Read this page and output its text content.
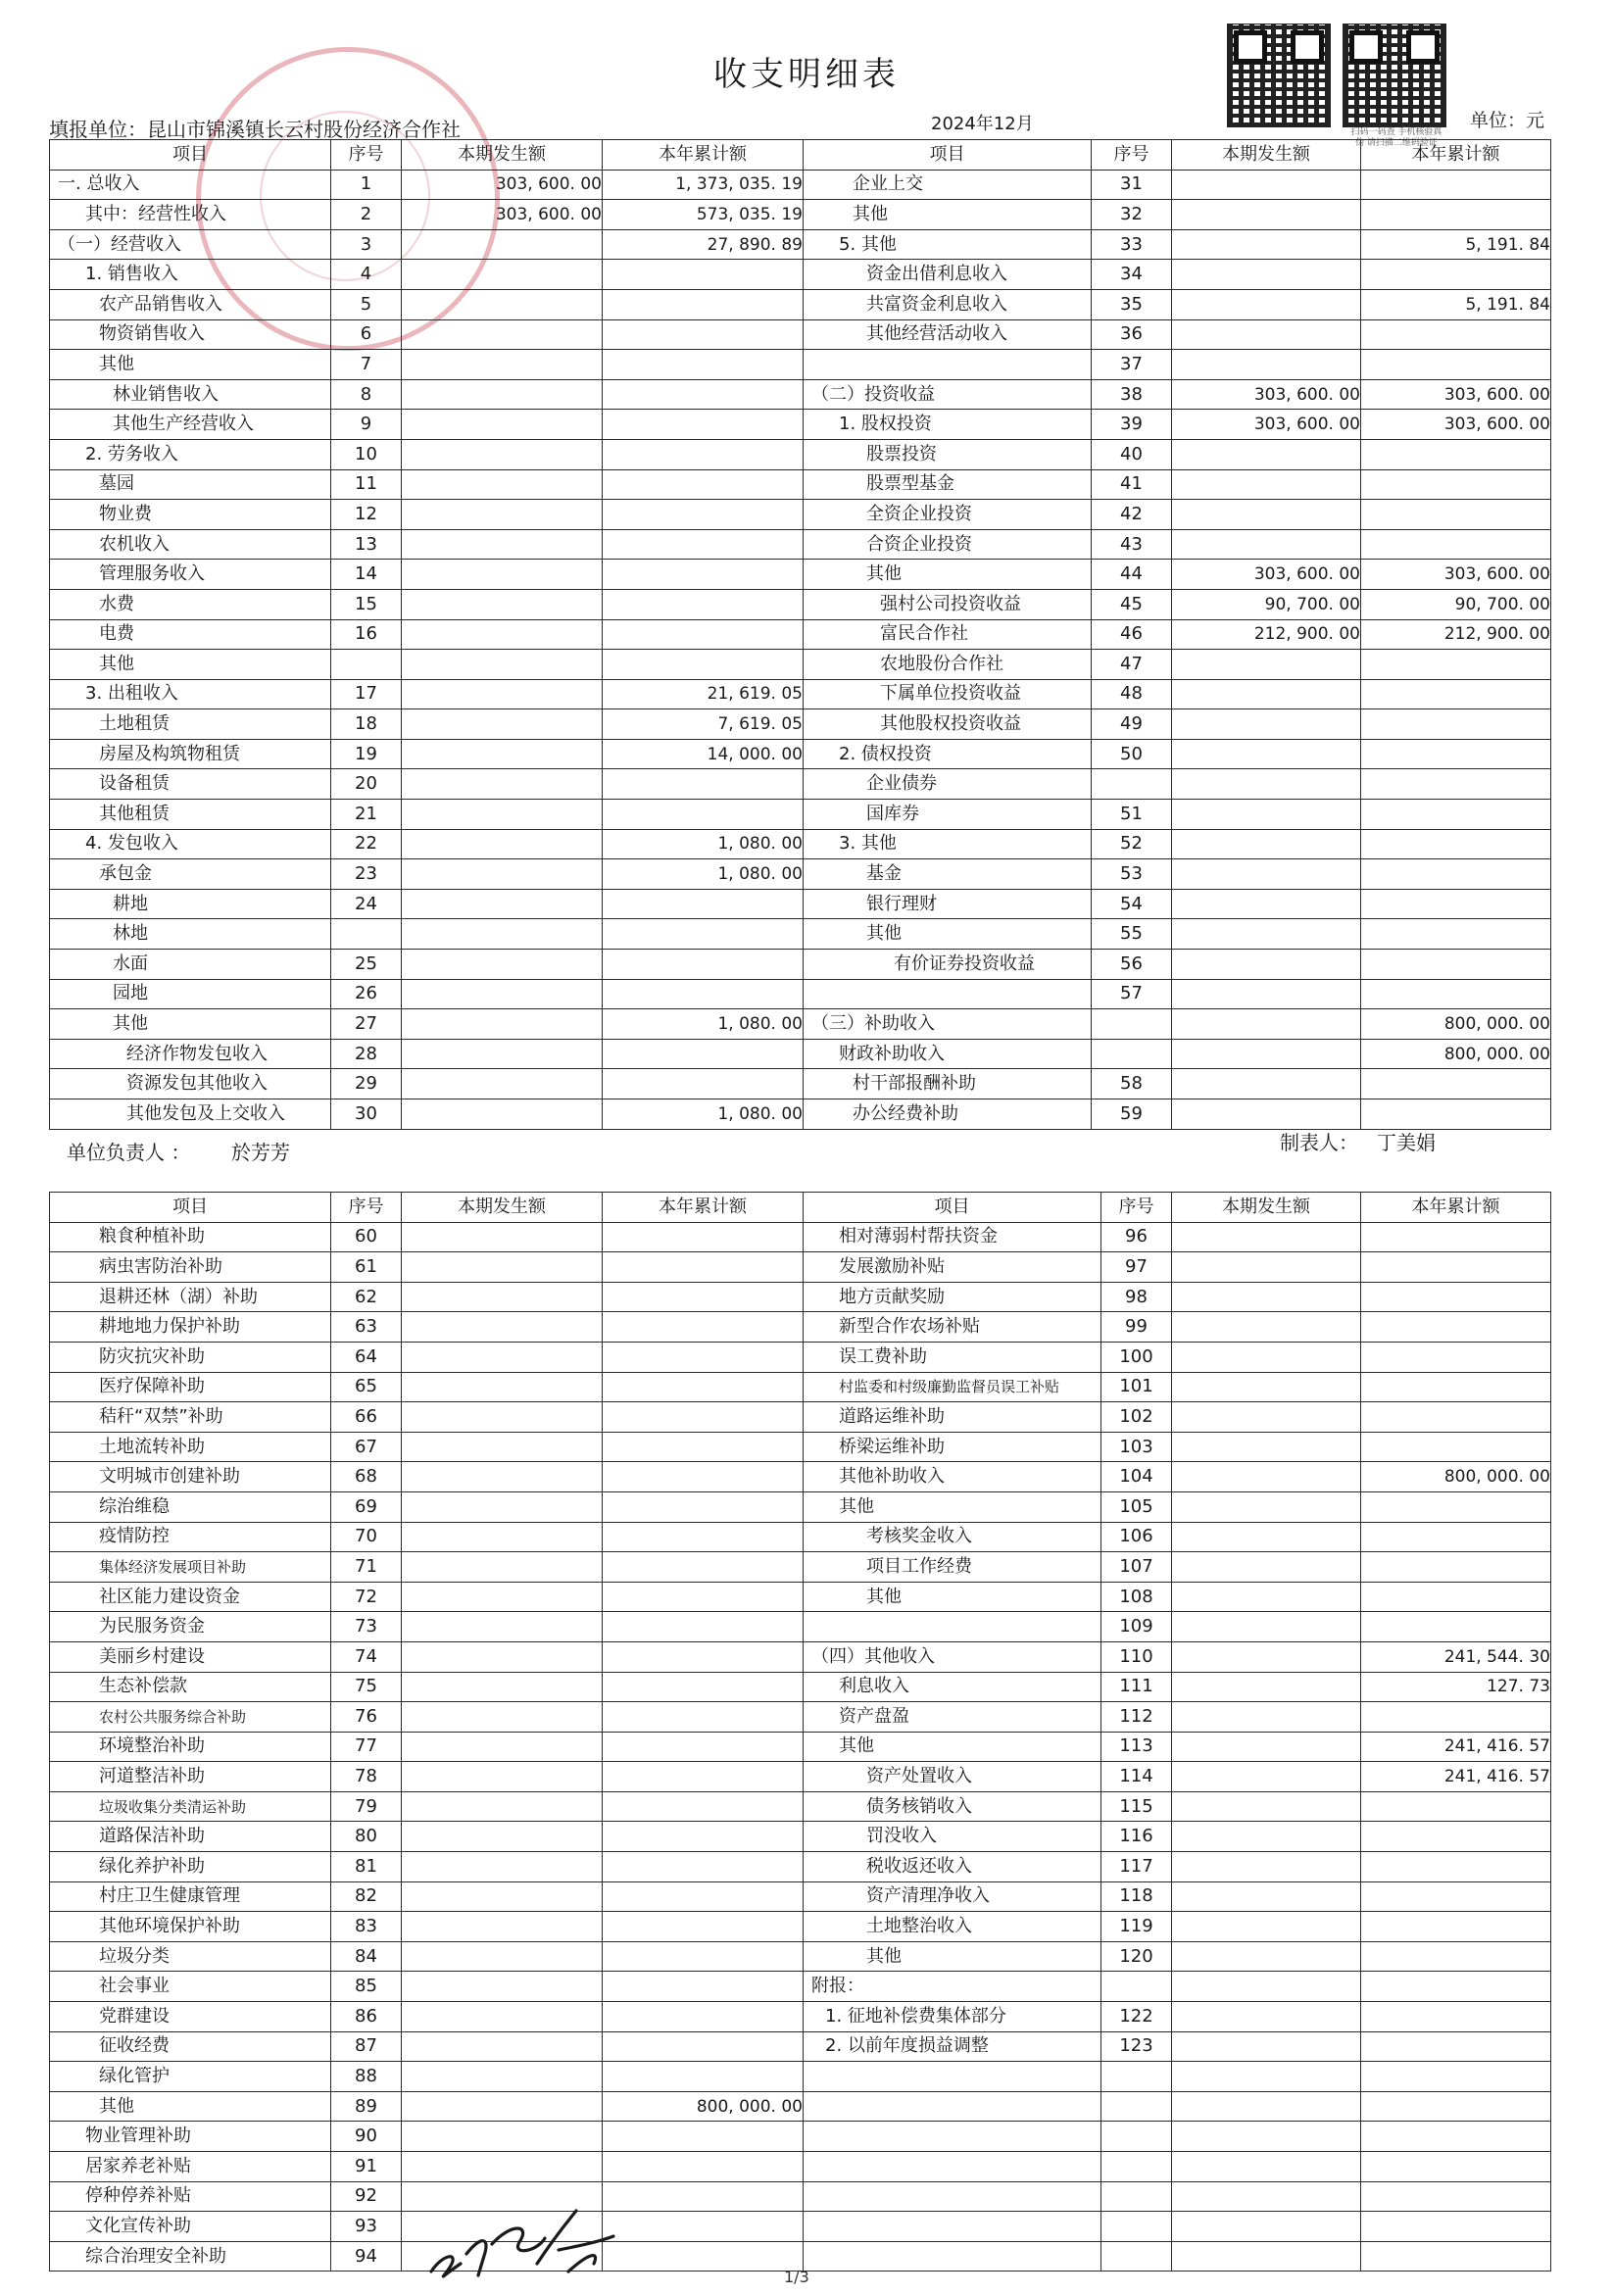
收支明细表
填报单位：昆山市锦溪镇长云村股份经济合作社	2024年12月	单位：元
扫码一码查 手机核验真伪 请扫描二维码验证
项目	序号	本期发生额	本年累计额	项目	序号	本期发生额	本年累计额
一. 总收入	1	303, 600. 00	1, 373, 035. 19	企业上交	31		
其中：经营性收入	2	303, 600. 00	573, 035. 19	其他	32		
（一）经营收入	3		27, 890. 89	5. 其他	33		5, 191. 84
1. 销售收入	4			资金出借利息收入	34		
农产品销售收入	5			共富资金利息收入	35		5, 191. 84
物资销售收入	6			其他经营活动收入	36		
其他	7				37		
林业销售收入	8			（二）投资收益	38	303, 600. 00	303, 600. 00
其他生产经营收入	9			1. 股权投资	39	303, 600. 00	303, 600. 00
2. 劳务收入	10			股票投资	40		
墓园	11			股票型基金	41		
物业费	12			全资企业投资	42		
农机收入	13			合资企业投资	43		
管理服务收入	14			其他	44	303, 600. 00	303, 600. 00
水费	15			强村公司投资收益	45	90, 700. 00	90, 700. 00
电费	16			富民合作社	46	212, 900. 00	212, 900. 00
其他				农地股份合作社	47		
3. 出租收入	17		21, 619. 05	下属单位投资收益	48		
土地租赁	18		7, 619. 05	其他股权投资收益	49		
房屋及构筑物租赁	19		14, 000. 00	2. 债权投资	50		
设备租赁	20			企业债券			
其他租赁	21			国库券	51		
4. 发包收入	22		1, 080. 00	3. 其他	52		
承包金	23		1, 080. 00	基金	53		
耕地	24			银行理财	54		
林地				其他	55		
水面	25			有价证券投资收益	56		
园地	26				57		
其他	27		1, 080. 00	（三）补助收入			800, 000. 00
经济作物发包收入	28			财政补助收入			800, 000. 00
资源发包其他收入	29			村干部报酬补助	58		
其他发包及上交收入	30		1, 080. 00	办公经费补助	59		
单位负责人 ： 於芳芳	制表人： 丁美娟
项目	序号	本期发生额	本年累计额	项目	序号	本期发生额	本年累计额
粮食种植补助	60			相对薄弱村帮扶资金	96		
病虫害防治补助	61			发展激励补贴	97		
退耕还林（湖）补助	62			地方贡献奖励	98		
耕地地力保护补助	63			新型合作农场补贴	99		
防灾抗灾补助	64			误工费补助	100		
医疗保障补助	65			村监委和村级廉勤监督员误工补贴	101		
秸秆“双禁”补助	66			道路运维补助	102		
土地流转补助	67			桥梁运维补助	103		
文明城市创建补助	68			其他补助收入	104		800, 000. 00
综治维稳	69			其他	105		
疫情防控	70			考核奖金收入	106		
集体经济发展项目补助	71			项目工作经费	107		
社区能力建设资金	72			其他	108		
为民服务资金	73				109		
美丽乡村建设	74			（四）其他收入	110		241, 544. 30
生态补偿款	75			利息收入	111		127. 73
农村公共服务综合补助	76			资产盘盈	112		
环境整治补助	77			其他	113		241, 416. 57
河道整洁补助	78			资产处置收入	114		241, 416. 57
垃圾收集分类清运补助	79			债务核销收入	115		
道路保洁补助	80			罚没收入	116		
绿化养护补助	81			税收返还收入	117		
村庄卫生健康管理	82			资产清理净收入	118		
其他环境保护补助	83			土地整治收入	119		
垃圾分类	84			其他	120		
社会事业	85			附报：			
党群建设	86			1. 征地补偿费集体部分	122		
征收经费	87			2. 以前年度损益调整	123		
绿化管护	88						
其他	89		800, 000. 00				
物业管理补助	90						
居家养老补贴	91						
停种停养补贴	92						
文化宣传补助	93						
综合治理安全补助	94						
1/3
